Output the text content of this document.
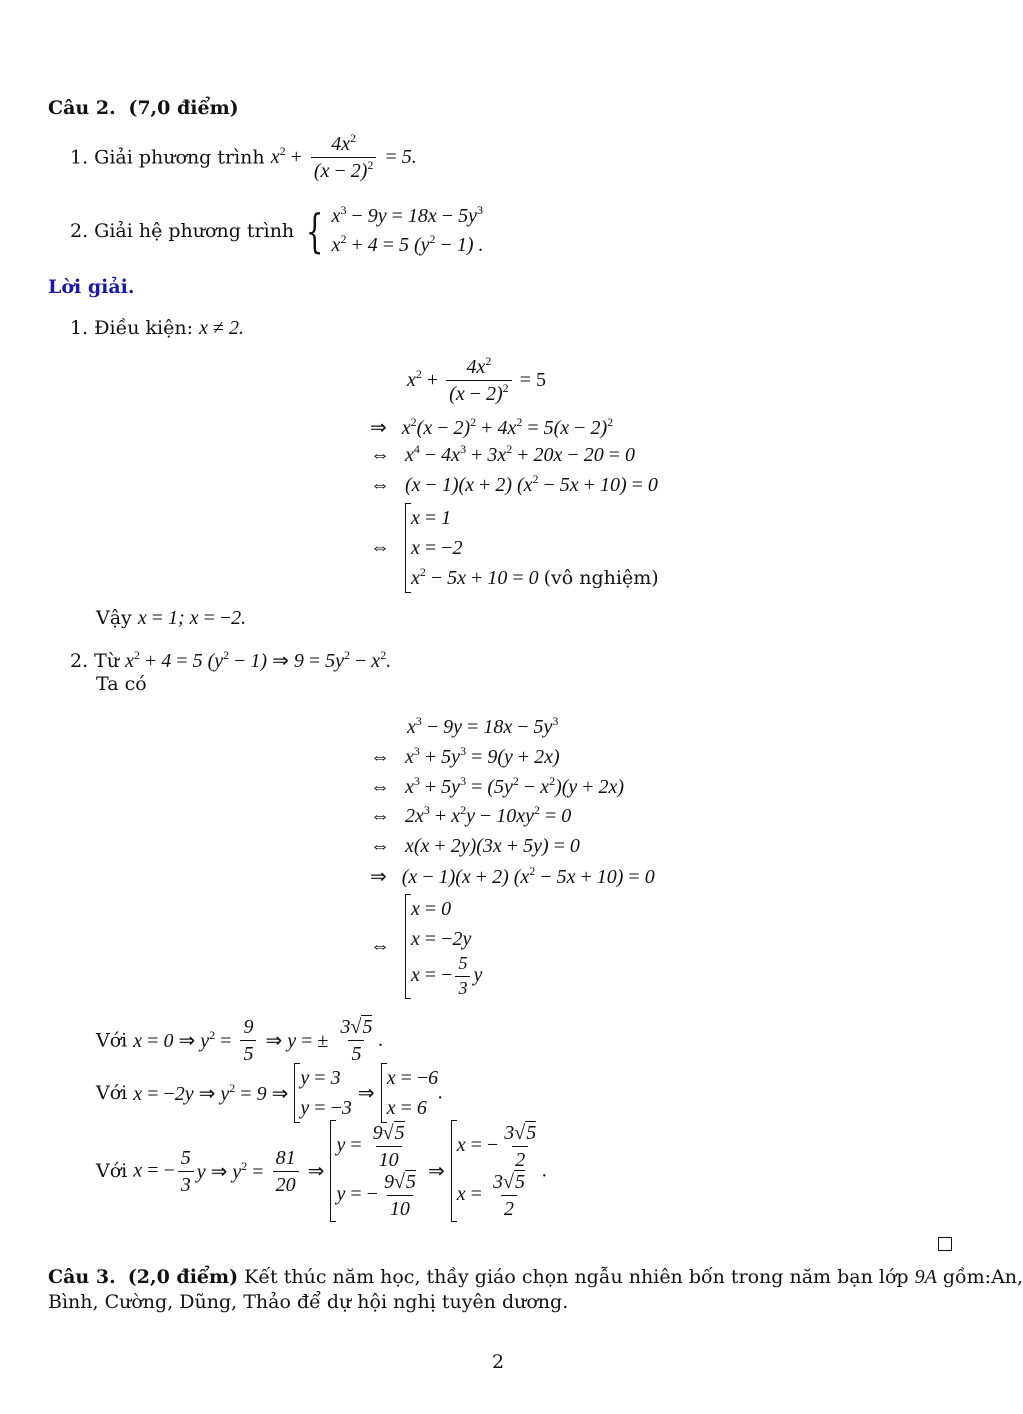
Câu 2. (7,0 điểm)
1. Giải phương trình $x^2 + \frac{4x^2}{(x - 2)^2} = 5$.
2. Giải hệ phương trình { $x^3 - 9y = 18x - 5y^3$
$x^2 + 4 = 5$ $(y^2 - 1)$ .
Lời giải.
1. Điều kiện: x ≠ 2.
$x^2 + \frac{4x^2}{(x - 2)^2} = 5$
⇒   $x^2(x - 2)^2 + 4x^2 = 5(x - 2)^2$
⇔   $x^4 - 4x^3 + 3x^2 + 20x - 20 = 0$
⇔   (x − 1)(x + 2) $(x^2 - 5x + 10) = 0$
⇔
x = 1
x = −2
$x^2 - 5x + 10 = 0$ (vô nghiệm)
Vậy x = 1; x = −2.
2. Từ $x^2 + 4 = 5$ $(y^2 - 1)$ ⇒ $9 = 5y^2 - x^2$.
Ta có
$x^3 - 9y = 18x - 5y^3$
⇔   $x^3 + 5y^3 = 9(y + 2x)$
⇔   $x^3 + 5y^3 = (5y^2 - x^2)(y + 2x)$
⇔   $2x^3 + x^2y - 10xy^2 = 0$
⇔   x(x + 2y)(3x + 5y) = 0
⇒   (x − 1)(x + 2) $(x^2 - 5x + 10) = 0$
⇔
x = 0
x = −2y
x = − $\frac{5}{3}$ y
Với x = 0 ⇒ $y^2 = \frac{9}{5}$ ⇒ y = ± $\frac{3√5}{5}$ .
Với x = −2y ⇒ $y^2 = 9$ ⇒
y = 3
y = −3
⇒
x = −6
x = 6
.
Với x = − $\frac{5}{3}$ y ⇒ $y^2 = \frac{81}{20}$ ⇒
$y = \frac{9√5}{10}$
y = − $\frac{9√5}{10}$ ⇒
x = − $\frac{3√5}{2}$
$x = \frac{3√5}{2}$
.
Câu 3. (2,0 điểm) Kết thúc năm học, thầy giáo chọn ngẫu nhiên bốn trong năm bạn lớp 9A gồm:An,
Bình, Cường, Dũng, Thảo để dự hội nghị tuyên dương.
2
